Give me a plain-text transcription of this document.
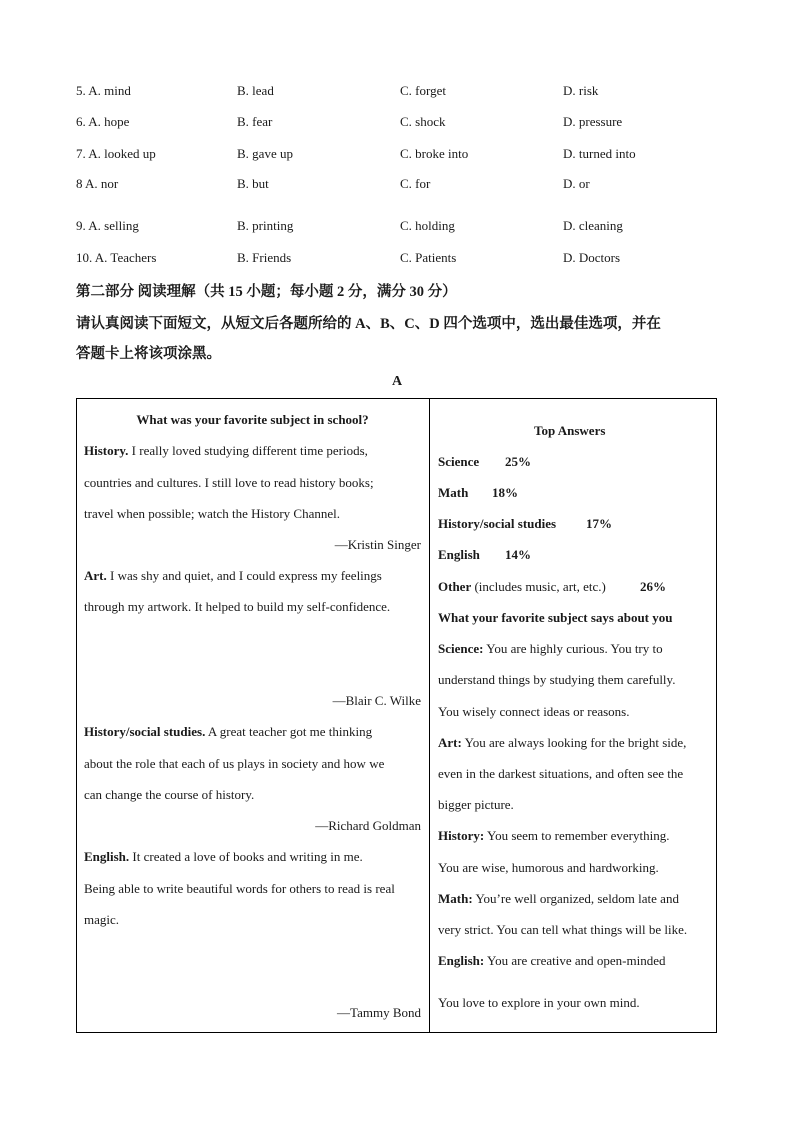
5. A. mind	B. lead	C. forget	D. risk
6. A. hope	B. fear	C. shock	D. pressure
7. A. looked up	B. gave up	C. broke into	D. turned into
8 A. nor	B. but	C. for	D. or
9. A. selling	B. printing	C. holding	D. cleaning
10. A. Teachers	B. Friends	C. Patients	D. Doctors
第二部分 阅读理解（共 15 小题；每小题 2 分，满分 30 分）
请认真阅读下面短文，从短文后各题所给的 A、B、C、D 四个选项中，选出最佳选项，并在
答题卡上将该项涂黑。
A
What was your favorite subject in school?
History. I really loved studying different time periods,
countries and cultures. I still love to read history books;
travel when possible; watch the History Channel.
—Kristin Singer
Art. I was shy and quiet, and I could express my feelings
through my artwork. It helped to build my self-confidence.
—Blair C. Wilke
History/social studies. A great teacher got me thinking
about the role that each of us plays in society and how we
can change the course of history.
—Richard Goldman
English. It created a love of books and writing in me.
Being able to write beautiful words for others to read is real
magic.
—Tammy Bond
Top Answers
Science 25%
Math 18%
History/social studies 17%
English 14%
Other (includes music, art, etc.)	26%
What your favorite subject says about you
Science: You are highly curious. You try to
understand things by studying them carefully.
You wisely connect ideas or reasons.
Art: You are always looking for the bright side,
even in the darkest situations, and often see the
bigger picture.
History: You seem to remember everything.
You are wise, humorous and hardworking.
Math: You’re well organized, seldom late and
very strict. You can tell what things will be like.
English: You are creative and open-minded
You love to explore in your own mind.
